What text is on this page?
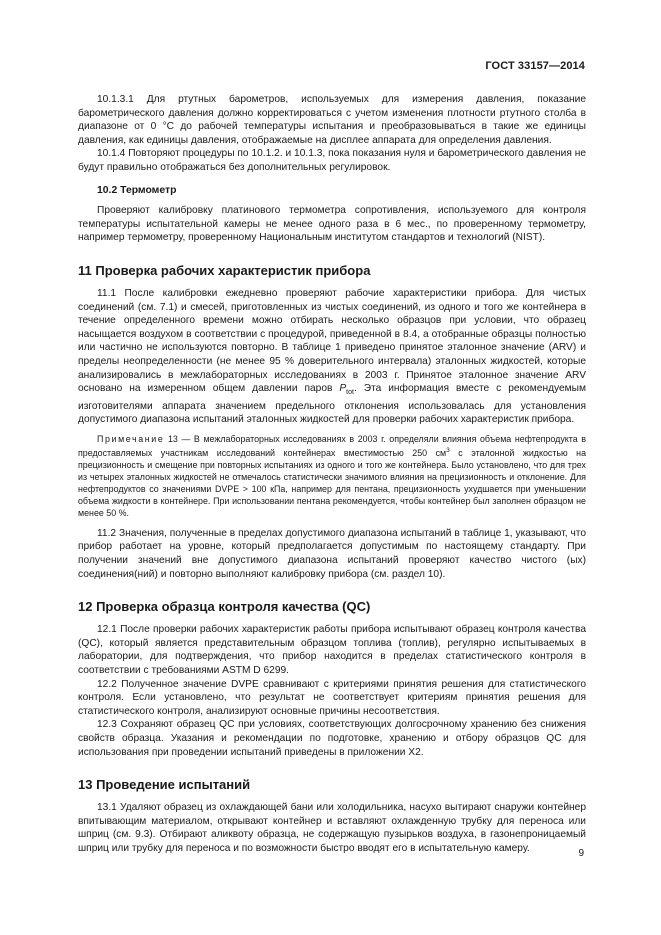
ГОСТ 33157—2014

10.1.3.1 Для ртутных барометров, используемых для измерения давления, показание барометрического давления должно корректироваться с учетом изменения плотности ртутного столба в диапазоне от 0 °С до рабочей температуры испытания и преобразовываться в такие же единицы давления, как единицы давления, отображаемые на дисплее аппарата для определения давления.

10.1.4 Повторяют процедуры по 10.1.2. и 10.1.3, пока показания нуля и барометрического давления не будут правильно отображаться без дополнительных регулировок.

10.2 Термометр

Проверяют калибровку платинового термометра сопротивления, используемого для контроля температуры испытательной камеры не менее одного раза в 6 мес., по проверенному термометру, например термометру, проверенному Национальным институтом стандартов и технологий (NIST).

11 Проверка рабочих характеристик прибора

11.1 После калибровки ежедневно проверяют рабочие характеристики прибора. Для чистых соединений (см. 7.1) и смесей, приготовленных из чистых соединений, из одного и того же контейнера в течение определенного времени можно отбирать несколько образцов при условии, что образец насыщается воздухом в соответствии с процедурой, приведенной в 8.4, а отобранные образцы полностью или частично не используются повторно. В таблице 1 приведено принятое эталонное значение (ARV) и пределы неопределенности (не менее 95 % доверительного интервала) эталонных жидкостей, которые анализировались в межлабораторных исследованиях в 2003 г. Принятое эталонное значение ARV основано на измеренном общем давлении паров $P_{tot}$. Эта информация вместе с рекомендуемым изготовителями аппарата значением предельного отклонения использовалась для установления допустимого диапазона испытаний эталонных жидкостей для проверки рабочих характеристик прибора.

Примечание 13 — В межлабораторных исследованиях в 2003 г. определяли влияния объема нефтепродукта в предоставляемых участникам исследований контейнерах вместимостью 250 $см^3$ с эталонной жидкостью на прецизионность и смещение при повторных испытаниях из одного и того же контейнера. Было установлено, что для трех из четырех эталонных жидкостей не отмечалось статистически значимого влияния на прецизионность и отклонение. Для нефтепродуктов со значениями DVPE > 100 кПа, например для пентана, прецизионность ухудшается при уменьшении объема жидкости в контейнере. При использовании пентана рекомендуется, чтобы контейнер был заполнен образцом не менее 50 %.

11.2 Значения, полученные в пределах допустимого диапазона испытаний в таблице 1, указывают, что прибор работает на уровне, который предполагается допустимым по настоящему стандарту. При получении значений вне допустимого диапазона испытаний проверяют качество чистого (ых) соединения(ний) и повторно выполняют калибровку прибора (см. раздел 10).

12 Проверка образца контроля качества (QC)

12.1 После проверки рабочих характеристик работы прибора испытывают образец контроля качества (QC), который является представительным образцом топлива (топлив), регулярно испытываемых в лаборатории, для подтверждения, что прибор находится в пределах статистического контроля в соответствии с требованиями ASTM D 6299.

12.2 Полученное значение DVPE сравнивают с критериями принятия решения для статистического контроля. Если установлено, что результат не соответствует критериям принятия решения для статистического контроля, анализируют основные причины несоответствия.

12.3 Сохраняют образец QC при условиях, соответствующих долгосрочному хранению без снижения свойств образца. Указания и рекомендации по подготовке, хранению и отбору образцов QC для использования при проведении испытаний приведены в приложении Х2.

13 Проведение испытаний

13.1 Удаляют образец из охлаждающей бани или холодильника, насухо вытирают снаружи контейнер впитывающим материалом, открывают контейнер и вставляют охлажденную трубку для переноса или шприц (см. 9.3). Отбирают аликвоту образца, не содержащую пузырьков воздуха, в газонепроницаемый шприц или трубку для переноса и по возможности быстро вводят его в испытательную камеру.	9
